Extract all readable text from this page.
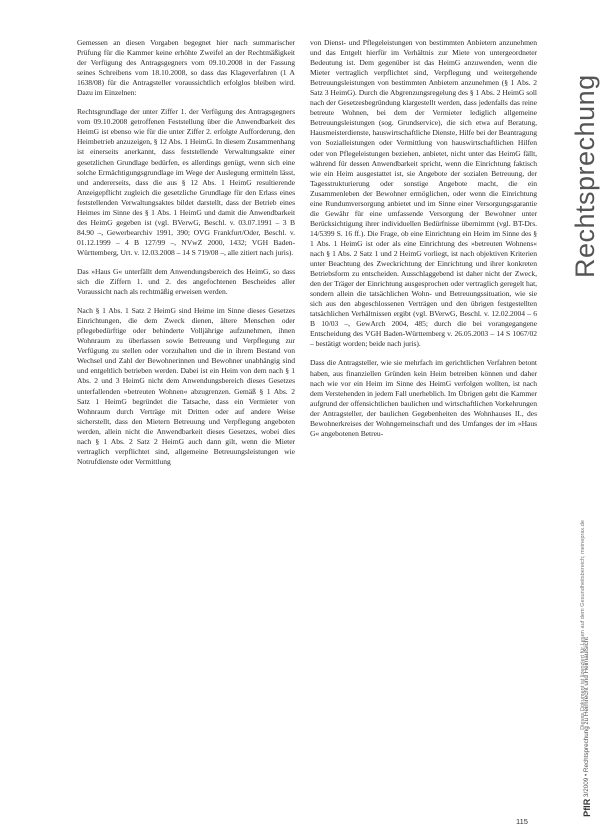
Gemessen an diesen Vorgaben begegnet hier nach summarischer Prüfung für die Kammer keine erhöhte Zweifel an der Rechtmäßigkeit der Verfügung des Antragsgegners vom 09.10.2008 in der Fassung seines Schreibens vom 18.10.2008, so dass das Klageverfahren (1 A 1638/08) für die Antragsteller voraussichtlich erfolglos bleiben wird. Dazu im Einzelnen:

Rechtsgrundlage der unter Ziffer 1. der Verfügung des Antragsgegners vom 09.10.2008 getroffenen Feststellung über die Anwendbarkeit des HeimG ist ebenso wie für die unter Ziffer 2. erfolgte Aufforderung, den Heimbetrieb anzuzeigen, § 12 Abs. 1 HeimG. In diesem Zusammenhang ist einerseits anerkannt, dass feststellende Verwaltungsakte einer gesetzlichen Grundlage bedürfen, es allerdings genügt, wenn sich eine solche Ermächtigungsgrundlage im Wege der Auslegung ermitteln lässt, und andererseits, dass die aus § 12 Abs. 1 HeimG resultierende Anzeigepflicht zugleich die gesetzliche Grundlage für den Erlass eines feststellenden Verwaltungsaktes bildet darstellt, dass der Betrieb eines Heimes im Sinne des § 1 Abs. 1 HeimG und damit die Anwendbarkeit des HeimG gegeben ist (vgl. BVerwG, Beschl. v. 03.07.1991 – 3 B 84.90 –, Gewerbearchiv 1991, 390; OVG Frankfurt/Oder, Beschl. v. 01.12.1999 – 4 B 127/99 –, NVwZ 2000, 1432; VGH Baden-Württemberg, Urt. v. 12.03.2008 – 14 S 719/08 –, alle zitiert nach juris).

Das »Haus G« unterfällt dem Anwendungsbereich des HeimG, so dass sich die Ziffern 1. und 2. des angefochtenen Bescheides aller Voraussicht nach als rechtmäßig erweisen werden.

Nach § 1 Abs. 1 Satz 2 HeimG sind Heime im Sinne dieses Gesetzes Einrichtungen, die dem Zweck dienen, ältere Menschen oder pflegebedürftige oder behinderte Volljährige aufzunehmen, ihnen Wohnraum zu überlassen sowie Betreuung und Verpflegung zur Verfügung zu stellen oder vorzuhalten und die in ihrem Bestand von Wechsel und Zahl der Bewohnerinnen und Bewohner unabhängig sind und entgeltlich betrieben werden. Dabei ist ein Heim von dem nach § 1 Abs. 2 und 3 HeimG nicht dem Anwendungsbereich dieses Gesetzes unterfallenden »betreuten Wohnen« abzugrenzen. Gemäß § 1 Abs. 2 Satz 1 HeimG begründet die Tatsache, dass ein Vermieter von Wohnraum durch Verträge mit Dritten oder auf andere Weise sicherstellt, dass den Mietern Betreuung und Verpflegung angeboten werden, allein nicht die Anwendbarkeit dieses Gesetzes, wobei dies nach § 1 Abs. 2 Satz 2 HeimG auch dann gilt, wenn die Mieter vertraglich verpflichtet sind, allgemeine Betreuungsleistungen wie Notrufdienste oder Vermittlung

von Dienst- und Pflegeleistungen von bestimmten Anbietern anzunehmen und das Entgelt hierfür im Verhältnis zur Miete von untergeordneter Bedeutung ist. Dem gegenüber ist das HeimG anzuwenden, wenn die Mieter vertraglich verpflichtet sind, Verpflegung und weitergehende Betreuungsleistungen von bestimmten Anbietern anzunehmen (§ 1 Abs. 2 Satz 3 HeimG). Durch die Abgrenzungsregelung des § 1 Abs. 2 HeimG soll nach der Gesetzesbegründung klargestellt werden, dass jedenfalls das reine betreute Wohnen, bei dem der Vermieter lediglich allgemeine Betreuungsleistungen (sog. Grundservice), die sich etwa auf Beratung, Hausmeisterdienste, hauswirtschaftliche Dienste, Hilfe bei der Beantragung von Sozialleistungen oder Vermittlung von hauswirtschaftlichen Hilfen oder von Pflegeleistungen beziehen, anbietet, nicht unter das HeimG fällt, während für dessen Anwendbarkeit spricht, wenn die Einrichtung faktisch wie ein Heim ausgestattet ist, sie Angebote der sozialen Betreuung, der Tagesstrukturierung oder sonstige Angebote macht, die ein Zusammenleben der Bewohner ermöglichen, oder wenn die Einrichtung eine Rundumversorgung anbietet und im Sinne einer Versorgungsgarantie die Gewähr für eine umfassende Versorgung der Bewohner unter Berücksichtigung ihrer individuellen Bedürfnisse übernimmt (vgl. BT-Drs. 14/5399 S. 16 ff.). Die Frage, ob eine Einrichtung ein Heim im Sinne des § 1 Abs. 1 HeimG ist oder als eine Einrichtung des »betreuten Wohnens« nach § 1 Abs. 2 Satz 1 und 2 HeimG vorliegt, ist nach objektiven Kriterien unter Beachtung des Zweckrichtung der Einrichtung und ihrer konkreten Betriebsform zu entscheiden. Ausschlaggebend ist daher nicht der Zweck, den der Träger der Einrichtung ausgesprochen oder vertraglich geregelt hat, sondern allein die tatsächlichen Wohn- und Betreuungssituation, wie sie sich aus den abgeschlossenen Verträgen und den übrigen festgestellten tatsächlichen Verhältnissen ergibt (vgl. BVerwG, Beschl. v. 12.02.2004 – 6 B 10/03 –, GewArch 2004, 485; durch die bei vorangegangene Entscheidung des VGH Baden-Württemberg v. 26.05.2003 – 14 S 1067/02 – bestätigt worden; beide nach juris).

Dass die Antragsteller, wie sie mehrfach im gerichtlichen Verfahren betont haben, aus finanziellen Gründen kein Heim betreiben können und daher nach wie vor ein Heim im Sinne des HeimG verfolgen wollten, ist nach dem Verstehenden in jedem Fall unerheblich. Im Übrigen geht die Kammer aufgrund der offensichtlichen baulichen und wirtschaftlichen Vorkehrungen der Antragsteller, der baulichen Gegebenheiten des Wohnhauses II., des Bewohnerkreises der Wohngemeinschaft und des Umfanges der im »Haus G« angebotenen Betreu-

Rechtsprechung
Dieses Dokument ist lizenziert für Lesen auf dem Gesundheitsbereich; meineprax.de
PflR 3/2009 • Rechtsprechung zu Heimrecht und Heimaufsicht
115
